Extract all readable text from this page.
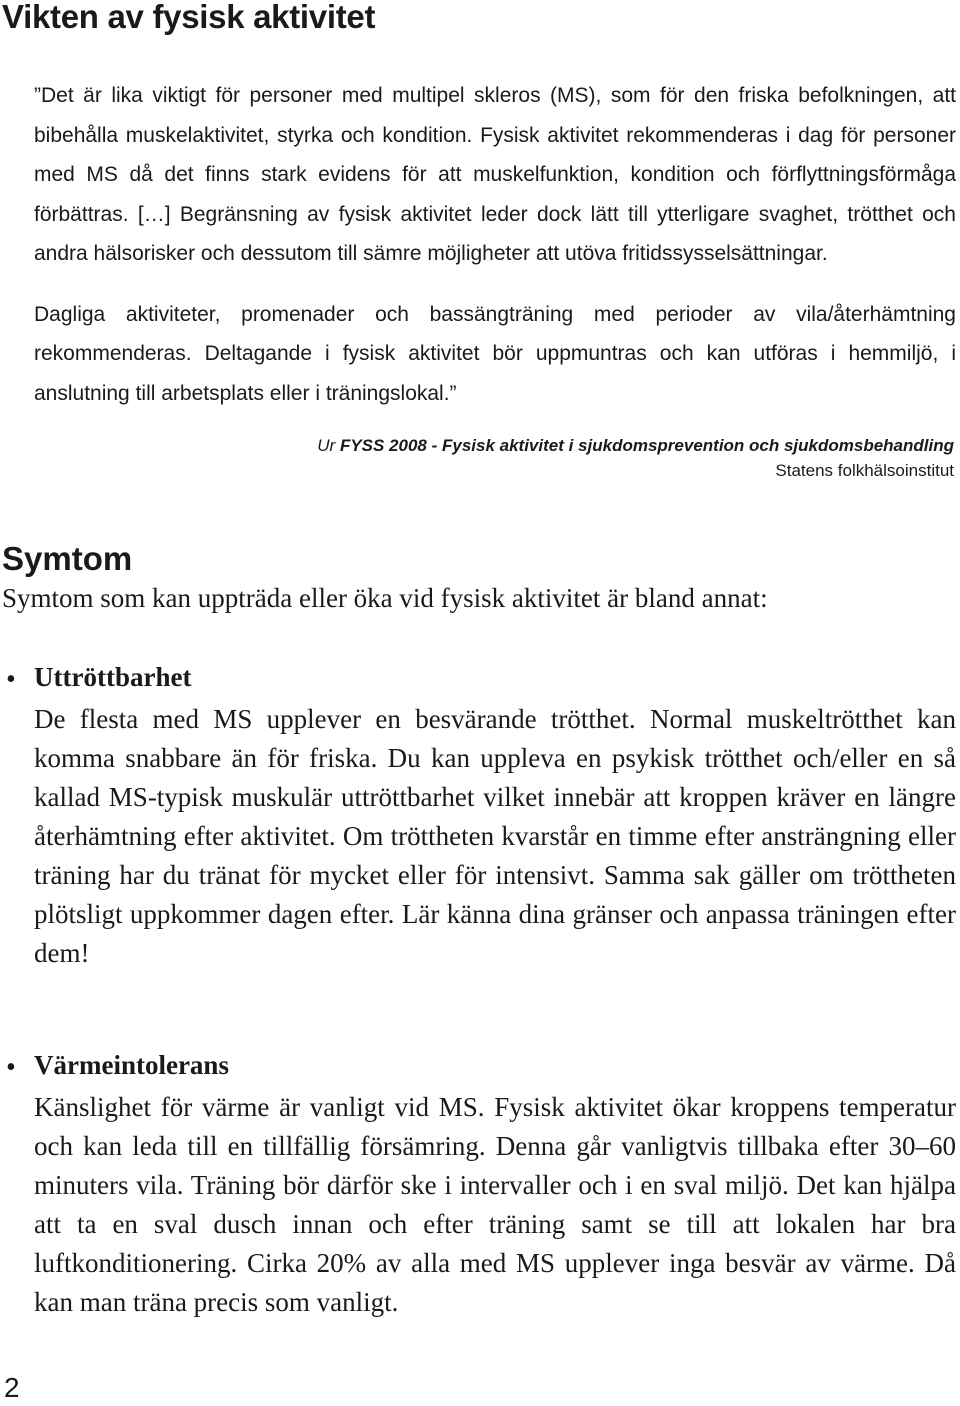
Vikten av fysisk aktivitet

”Det är lika viktigt för personer med multipel skleros (MS), som för den friska befolkningen, att bibehålla muskelaktivitet, styrka och kondition. Fysisk aktivitet rekommenderas i dag för personer med MS då det finns stark evidens för att muskelfunktion, kondition och förflyttningsförmåga förbättras. […] Begränsning av fysisk aktivitet leder dock lätt till ytterligare svaghet, trötthet och andra hälsorisker och dessutom till sämre möjligheter att utöva fritidssysselsättningar.

Dagliga aktiviteter, promenader och bassängträning med perioder av vila/återhämtning rekommenderas. Deltagande i fysisk aktivitet bör uppmuntras och kan utföras i hemmiljö, i anslutning till arbetsplats eller i träningslokal.”

Ur FYSS 2008 - Fysisk aktivitet i sjukdomsprevention och sjukdomsbehandling
Statens folkhälsoinstitut
Symtom

Symtom som kan uppträda eller öka vid fysisk aktivitet är bland annat:

• Uttröttbarhet

De flesta med MS upplever en besvärande trötthet. Normal muskeltrötthet kan komma snabbare än för friska. Du kan uppleva en psykisk trötthet och/eller en så kallad MS-typisk muskulär uttröttbarhet vilket innebär att kroppen kräver en längre återhämtning efter aktivitet. Om tröttheten kvarstår en timme efter ansträngning eller träning har du tränat för mycket eller för intensivt. Samma sak gäller om tröttheten plötsligt uppkommer dagen efter. Lär känna dina gränser och anpassa träningen efter dem!

• Värmeintolerans

Känslighet för värme är vanligt vid MS. Fysisk aktivitet ökar kroppens temperatur och kan leda till en tillfällig försämring. Denna går vanligtvis tillbaka efter 30–60 minuters vila. Träning bör därför ske i intervaller och i en sval miljö. Det kan hjälpa att ta en sval dusch innan och efter träning samt se till att lokalen har bra luftkonditionering. Cirka 20% av alla med MS upplever inga besvär av värme. Då kan man träna precis som vanligt.

2
